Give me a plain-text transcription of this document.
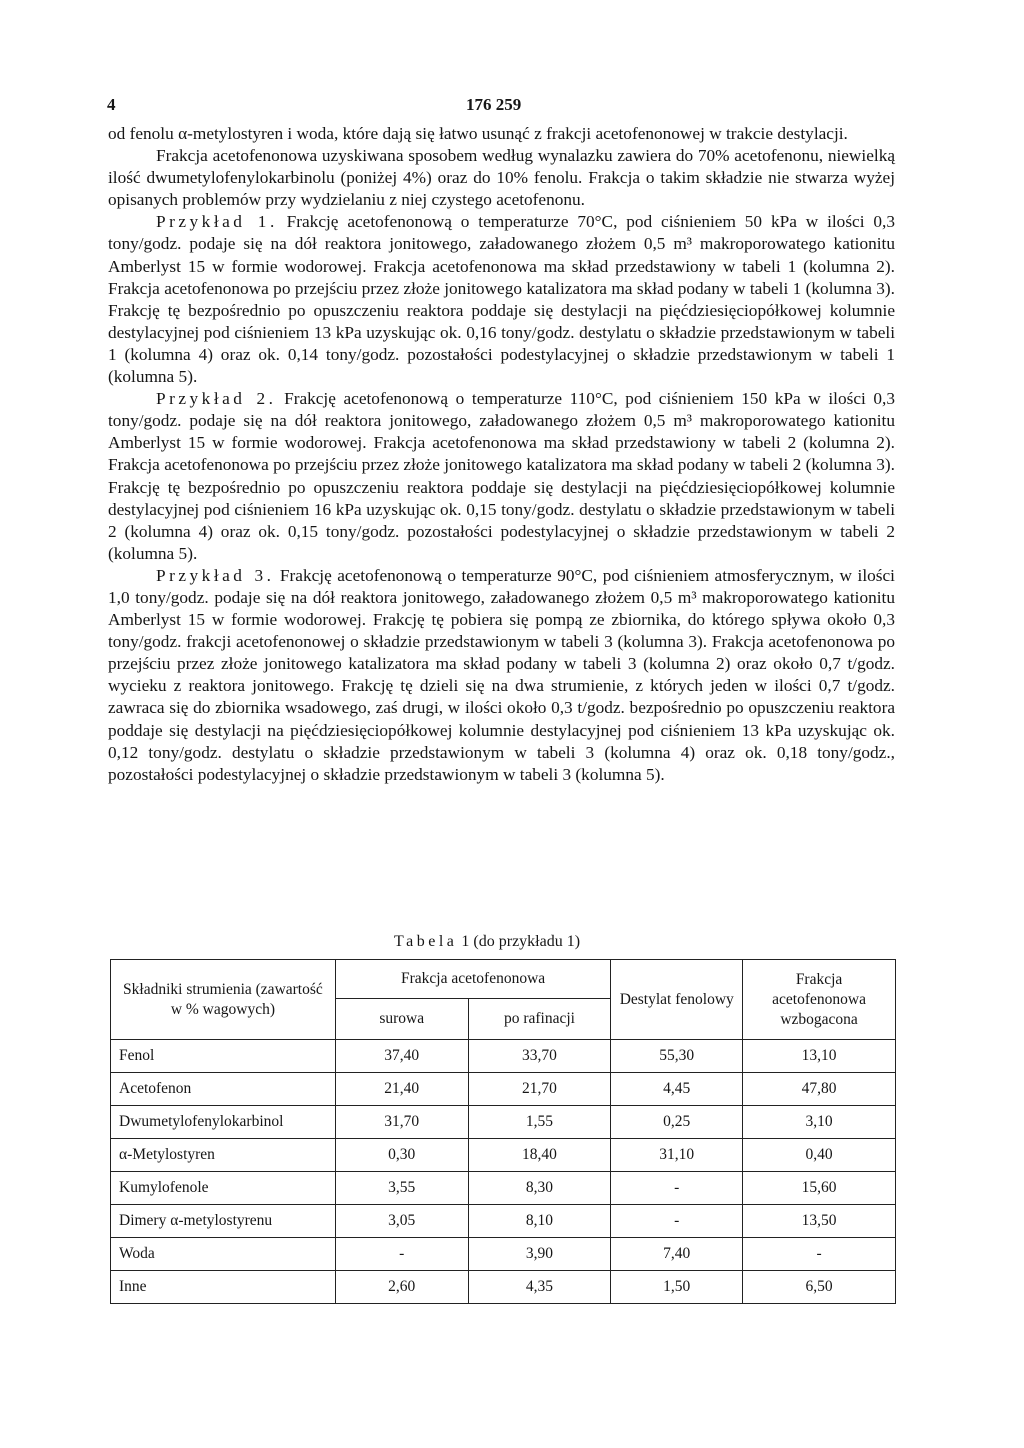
4	176 259

od fenolu α-metylostyren i woda, które dają się łatwo usunąć z frakcji acetofenonowej w trakcie destylacji.

Frakcja acetofenonowa uzyskiwana sposobem według wynalazku zawiera do 70% acetofenonu, niewielką ilość dwumetylofenylokarbinolu (poniżej 4%) oraz do 10% fenolu. Frakcja o takim składzie nie stwarza wyżej opisanych problemów przy wydzielaniu z niej czystego acetofenonu.

Przykład 1. Frakcję acetofenonową o temperaturze 70°C, pod ciśnieniem 50 kPa w ilości 0,3 tony/godz. podaje się na dół reaktora jonitowego, załadowanego złożem 0,5 m³ makroporowatego kationitu Amberlyst 15 w formie wodorowej. Frakcja acetofenonowa ma skład przedstawiony w tabeli 1 (kolumna 2). Frakcja acetofenonowa po przejściu przez złoże jonitowego katalizatora ma skład podany w tabeli 1 (kolumna 3). Frakcję tę bezpośrednio po opuszczeniu reaktora poddaje się destylacji na pięćdziesięciopółkowej kolumnie destylacyjnej pod ciśnieniem 13 kPa uzyskując ok. 0,16 tony/godz. destylatu o składzie przedstawionym w tabeli 1 (kolumna 4) oraz ok. 0,14 tony/godz. pozostałości podestylacyjnej o składzie przedstawionym w tabeli 1 (kolumna 5).

Przykład 2. Frakcję acetofenonową o temperaturze 110°C, pod ciśnieniem 150 kPa w ilości 0,3 tony/godz. podaje się na dół reaktora jonitowego, załadowanego złożem 0,5 m³ makroporowatego kationitu Amberlyst 15 w formie wodorowej. Frakcja acetofenonowa ma skład przedstawiony w tabeli 2 (kolumna 2). Frakcja acetofenonowa po przejściu przez złoże jonitowego katalizatora ma skład podany w tabeli 2 (kolumna 3). Frakcję tę bezpośrednio po opuszczeniu reaktora poddaje się destylacji na pięćdziesięciopółkowej kolumnie destylacyjnej pod ciśnieniem 16 kPa uzyskując ok. 0,15 tony/godz. destylatu o składzie przedstawionym w tabeli 2 (kolumna 4) oraz ok. 0,15 tony/godz. pozostałości podestylacyjnej o składzie przedstawionym w tabeli 2 (kolumna 5).

Przykład 3. Frakcję acetofenonową o temperaturze 90°C, pod ciśnieniem atmosferycznym, w ilości 1,0 tony/godz. podaje się na dół reaktora jonitowego, załadowanego złożem 0,5 m³ makroporowatego kationitu Amberlyst 15 w formie wodorowej. Frakcję tę pobiera się pompą ze zbiornika, do którego spływa około 0,3 tony/godz. frakcji acetofenonowej o składzie przedstawionym w tabeli 3 (kolumna 3). Frakcja acetofenonowa po przejściu przez złoże jonitowego katalizatora ma skład podany w tabeli 3 (kolumna 2) oraz około 0,7 t/godz. wycieku z reaktora jonitowego. Frakcję tę dzieli się na dwa strumienie, z których jeden w ilości 0,7 t/godz. zawraca się do zbiornika wsadowego, zaś drugi, w ilości około 0,3 t/godz. bezpośrednio po opuszczeniu reaktora poddaje się destylacji na pięćdziesięciopółkowej kolumnie destylacyjnej pod ciśnieniem 13 kPa uzyskując ok. 0,12 tony/godz. destylatu o składzie przedstawionym w tabeli 3 (kolumna 4) oraz ok. 0,18 tony/godz., pozostałości podestylacyjnej o składzie przedstawionym w tabeli 3 (kolumna 5).

Tabela 1 (do przykładu 1)
Składniki strumienia (zawartość w % wagowych)	Frakcja acetofenonowa		Destylat fenolowy	Frakcja acetofenonowa wzbogacona
	surowa	po rafinacji		
Fenol	37,40	33,70	55,30	13,10
Acetofenon	21,40	21,70	4,45	47,80
Dwumetylofenylokarbinol	31,70	1,55	0,25	3,10
α-Metylostyren	0,30	18,40	31,10	0,40
Kumylofenole	3,55	8,30	-	15,60
Dimery α-metylostyrenu	3,05	8,10	-	13,50
Woda	-	3,90	7,40	-
Inne	2,60	4,35	1,50	6,50
